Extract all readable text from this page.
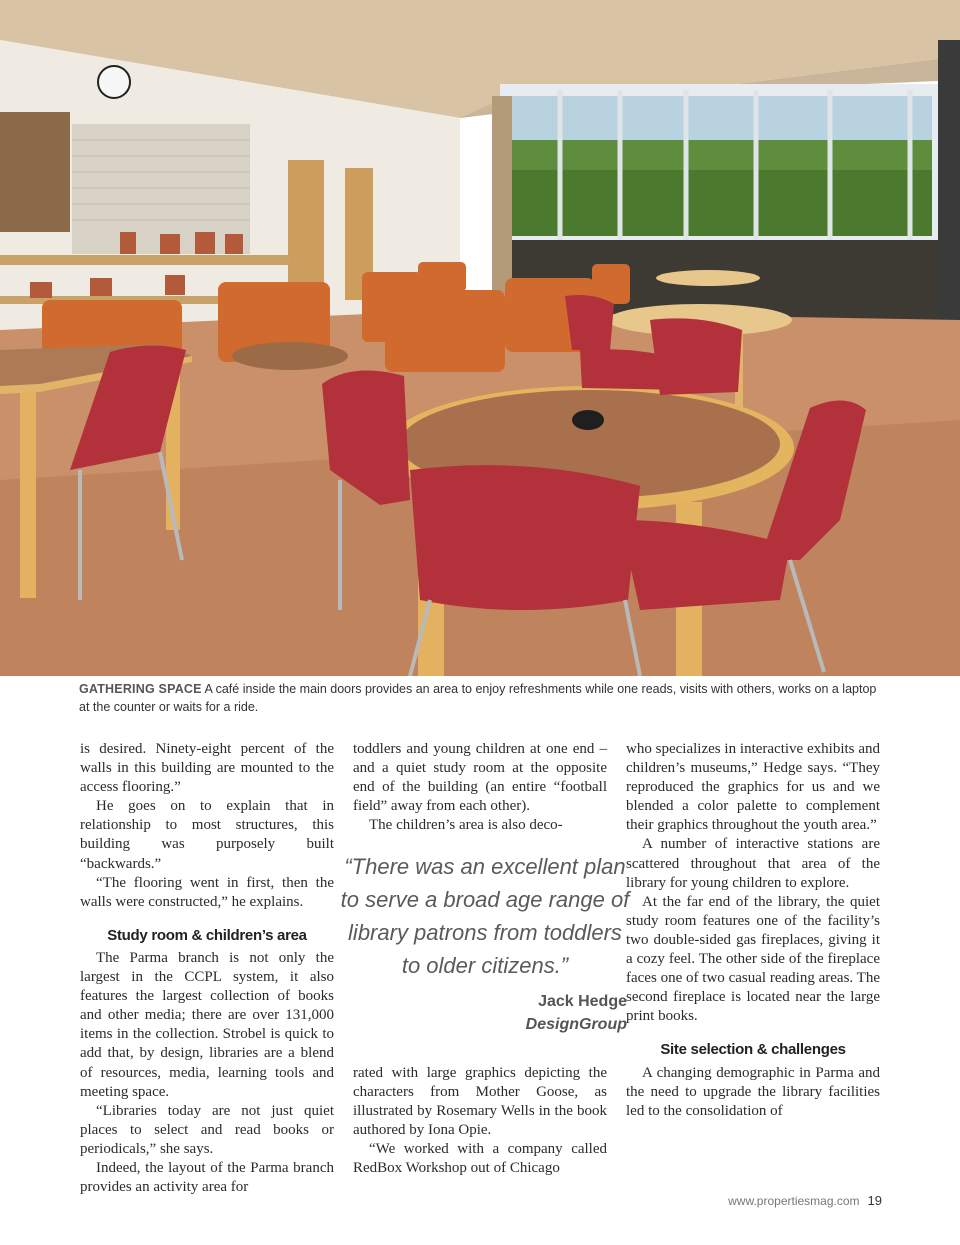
GATHERING SPACE A café inside the main doors provides an area to enjoy refreshments while one reads, visits with others, works on a laptop at the counter or waits for a ride.

is desired. Ninety-eight percent of the walls in this building are mounted to the access flooring.”

He goes on to explain that in relationship to most structures, this building was purposely built “backwards.”

“The flooring went in first, then the walls were constructed,” he explains.

Study room & children’s area

The Parma branch is not only the largest in the CCPL system, it also features the largest collection of books and other media; there are over 131,000 items in the collection. Strobel is quick to add that, by design, libraries are a blend of resources, media, learning tools and meeting space.

“Libraries today are not just quiet places to select and read books or periodicals,” she says.

Indeed, the layout of the Parma branch provides an activity area for

toddlers and young children at one end – and a quiet study room at the opposite end of the building (an entire “football field” away from each other).

The children’s area is also deco-

“There was an excellent plan to serve a broad age range of library patrons from toddlers to older citizens.”
Jack Hedge
DesignGroup

rated with large graphics depicting the characters from Mother Goose, as illustrated by Rosemary Wells in the book authored by Iona Opie.

“We worked with a company called RedBox Workshop out of Chicago

who specializes in interactive exhibits and children’s museums,” Hedge says. “They reproduced the graphics for us and we blended a color palette to complement their graphics throughout the youth area.”

A number of interactive stations are scattered throughout that area of the library for young children to explore.

At the far end of the library, the quiet study room features one of the facility’s two double-sided gas fireplaces, giving it a cozy feel. The other side of the fireplace faces one of two casual reading areas. The second fireplace is located near the large print books.

Site selection & challenges

A changing demographic in Parma and the need to upgrade the library facilities led to the consolidation of

www.propertiesmag.com 19
